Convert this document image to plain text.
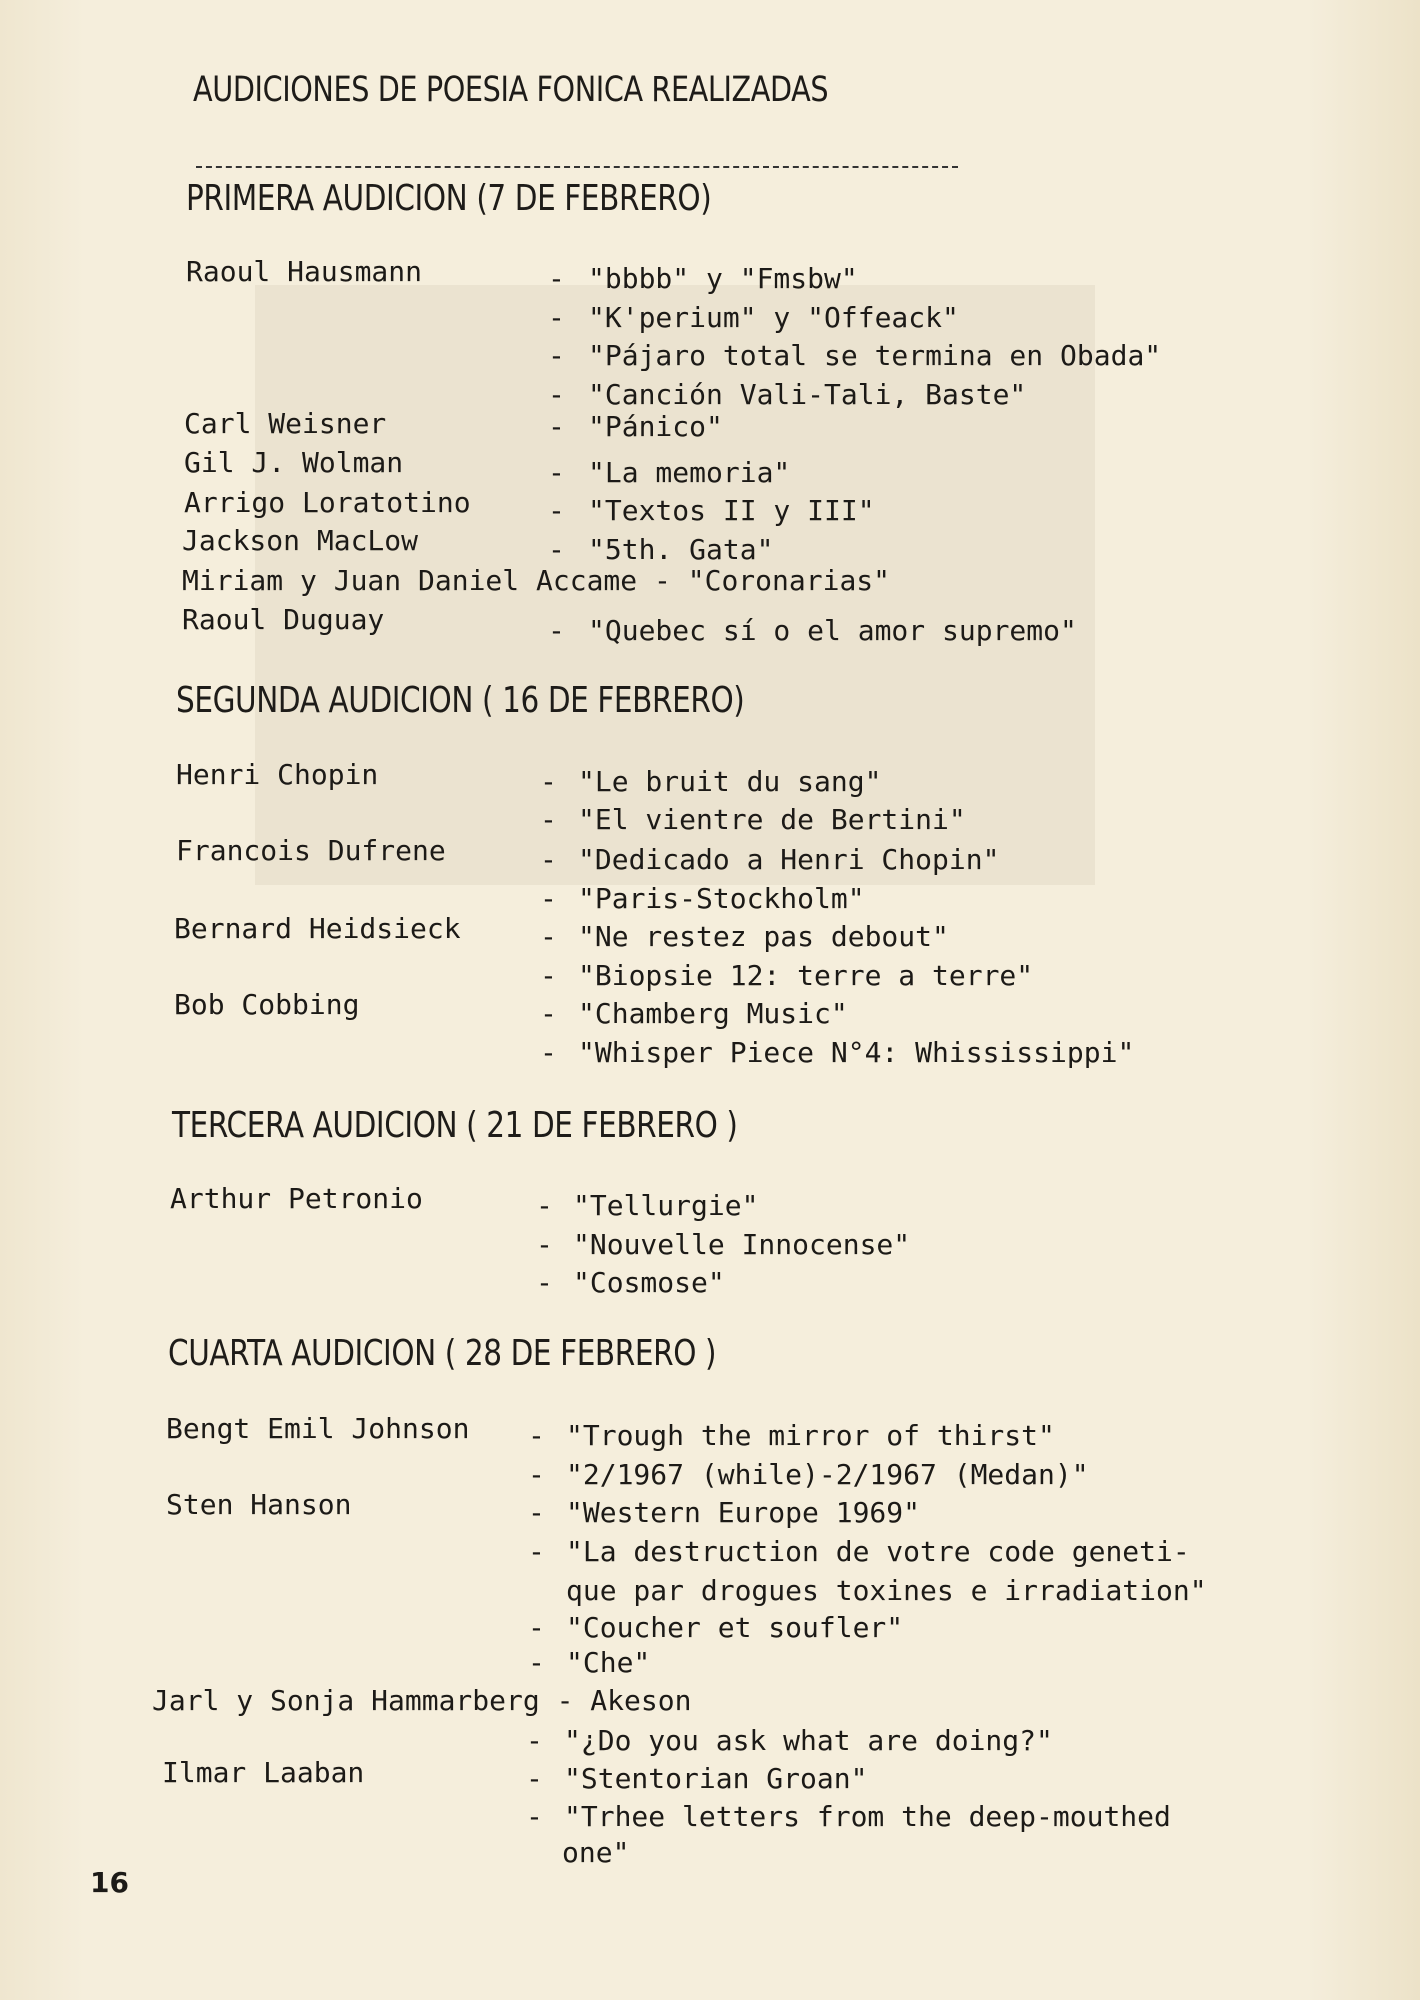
AUDICIONES DE POESIA FONICA REALIZADAS
PRIMERA AUDICION (7 DE FEBRERO)
Raoul Hausmann	- "bbbb" y "Fmsbw"
- "K'perium" y "Offeack"
- "Pájaro total se termina en Obada"
- "Canción Vali-Tali, Baste"
Carl Weisner	- "Pánico"
Gil J. Wolman	- "La memoria"
Arrigo Loratotino	- "Textos II y III"
Jackson MacLow	- "5th. Gata"
Miriam y Juan Daniel Accame - "Coronarias"
Raoul Duguay	- "Quebec sí o el amor supremo"
SEGUNDA AUDICION ( 16 DE FEBRERO)
Henri Chopin	- "Le bruit du sang"
- "El vientre de Bertini"
Francois Dufrene	- "Dedicado a Henri Chopin"
- "Paris-Stockholm"
Bernard Heidsieck	- "Ne restez pas debout"
- "Biopsie 12: terre a terre"
Bob Cobbing	- "Chamberg Music"
- "Whisper Piece N°4: Whississippi"
TERCERA AUDICION ( 21 DE FEBRERO )
Arthur Petronio	- "Tellurgie"
- "Nouvelle Innocense"
- "Cosmose"
CUARTA AUDICION ( 28 DE FEBRERO )
Bengt Emil Johnson - "Trough the mirror of thirst"
- "2/1967 (while)-2/1967 (Medan)"
Sten Hanson	- "Western Europe 1969"
- "La destruction de votre code geneti-
que par drogues toxines e irradiation"
- "Coucher et soufler"
- "Che"
Jarl y Sonja Hammarberg - Akeson
- "¿Do you ask what are doing?"
Ilmar Laaban	- "Stentorian Groan"
- "Trhee letters from the deep-mouthed
one"
16
